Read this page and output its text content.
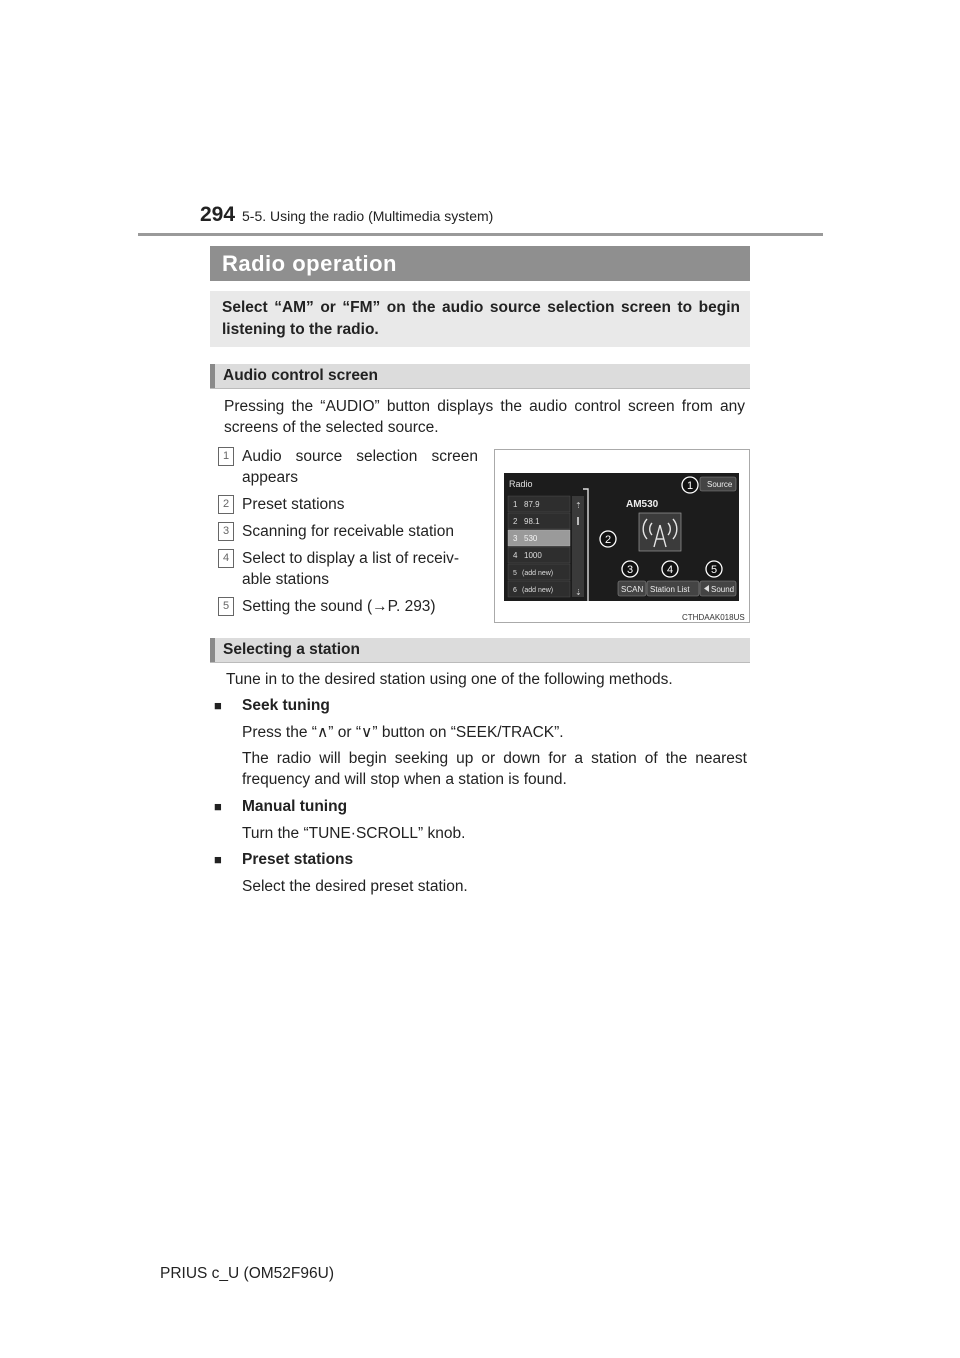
294 5-5. Using the radio (Multimedia system)
Radio operation
Select “AM” or “FM” on the audio source selection screen to begin listening to the radio.
Audio control screen
Pressing the “AUDIO” button displays the audio control screen from any screens of the selected source.
1 Audio source selection screen appears
2 Preset stations
3 Scanning for receivable station
4 Select to display a list of receiv-able stations
5 Setting the sound (→P. 293)
Radio	Source
1 87.9
2 98.1
3 530
4 1000
5 (add new)
6 (add new)
⇡
⇣
AM530
SCAN Station List	Sound
1
2
3	4	5
CTHDAAK018US
Selecting a station
Tune in to the desired station using one of the following methods.
■ Seek tuning
Press the “∧” or “∨” button on “SEEK/TRACK”.
The radio will begin seeking up or down for a station of the nearest frequency and will stop when a station is found.
■ Manual tuning
Turn the “TUNE·SCROLL” knob.
■ Preset stations
Select the desired preset station.
PRIUS c_U (OM52F96U)
